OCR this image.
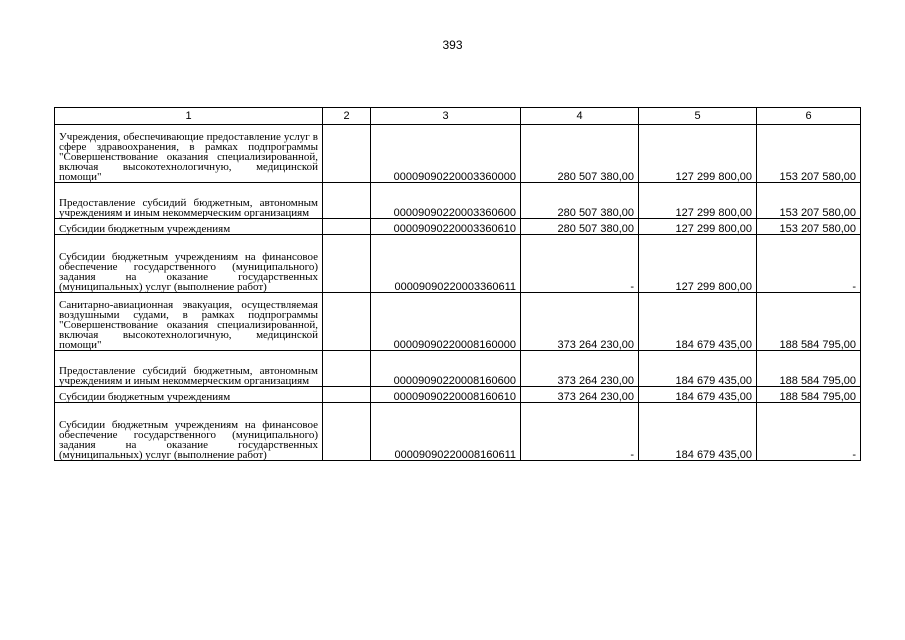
393
1	2	3	4	5	6
Учреждения, обеспечивающие предоставление услуг в сфере здравоохранения, в рамках подпрограммы "Совершенствование оказания специализированной, включая высокотехнологичную, медицинской помощи"		00009090220003360000	280 507 380,00	127 299 800,00	153 207 580,00
Предоставление субсидий бюджетным, автономным учреждениям и иным некоммерческим организациям		00009090220003360600	280 507 380,00	127 299 800,00	153 207 580,00
Субсидии бюджетным учреждениям		00009090220003360610	280 507 380,00	127 299 800,00	153 207 580,00
Субсидии бюджетным учреждениям на финансовое обеспечение государственного (муниципального) задания на оказание государственных (муниципальных) услуг (выполнение работ)		00009090220003360611	-	127 299 800,00	-
Санитарно-авиационная эвакуация, осуществляемая воздушными судами, в рамках подпрограммы "Совершенствование оказания специализированной, включая высокотехнологичную, медицинской помощи"		00009090220008160000	373 264 230,00	184 679 435,00	188 584 795,00
Предоставление субсидий бюджетным, автономным учреждениям и иным некоммерческим организациям		00009090220008160600	373 264 230,00	184 679 435,00	188 584 795,00
Субсидии бюджетным учреждениям		00009090220008160610	373 264 230,00	184 679 435,00	188 584 795,00
Субсидии бюджетным учреждениям на финансовое обеспечение государственного (муниципального) задания на оказание государственных (муниципальных) услуг (выполнение работ)		00009090220008160611	-	184 679 435,00	-
